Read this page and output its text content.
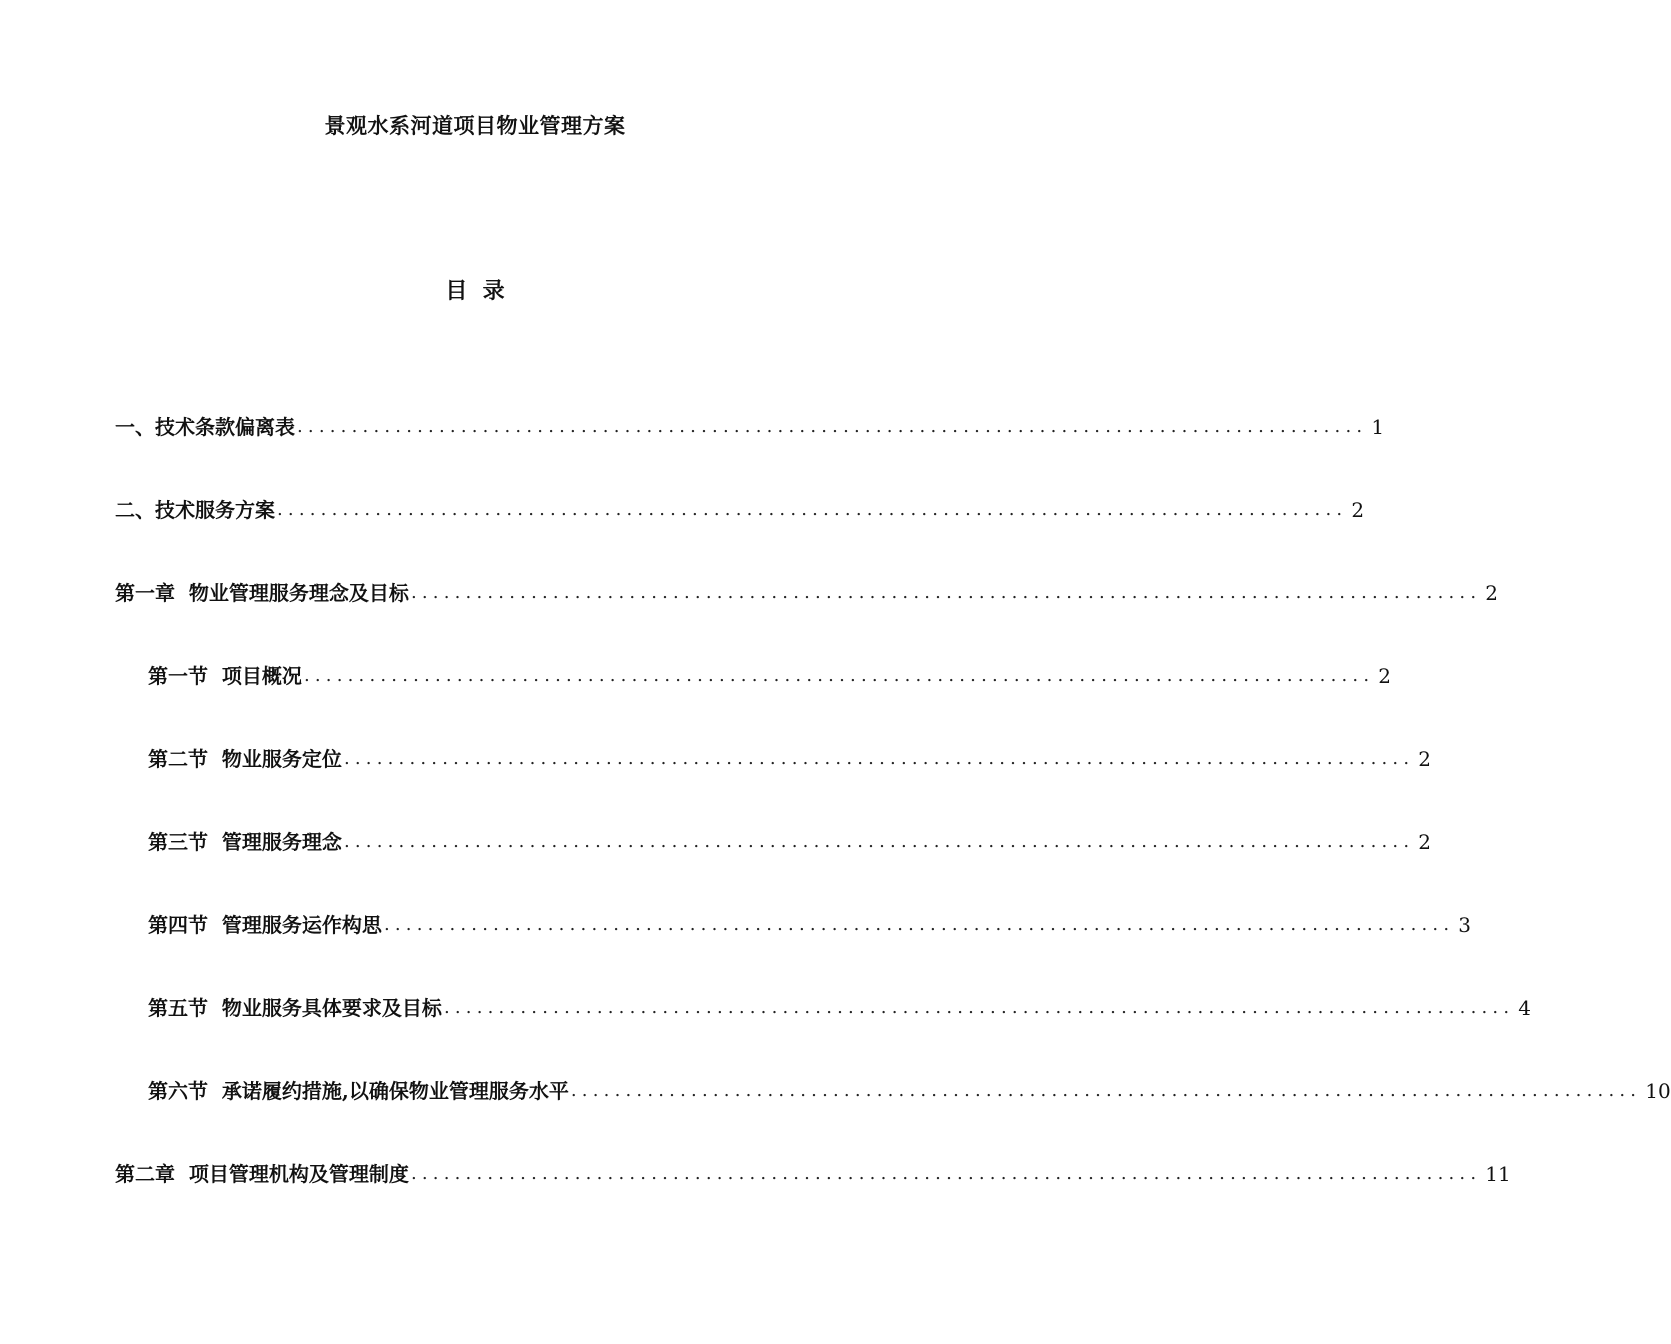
景观水系河道项目物业管理方案
目  录
一、技术条款偏离表 .................................................................................................. 1
二、技术服务方案 .................................................................................................. 2
第一章  物业管理服务理念及目标 .................................................................................................. 2
第一节  项目概况 .................................................................................................. 2
第二节  物业服务定位 .................................................................................................. 2
第三节  管理服务理念 .................................................................................................. 2
第四节  管理服务运作构思 .................................................................................................. 3
第五节  物业服务具体要求及目标 .................................................................................................. 4
第六节  承诺履约措施,以确保物业管理服务水平 .................................................................................................. 10
第二章  项目管理机构及管理制度 .................................................................................................. 11
